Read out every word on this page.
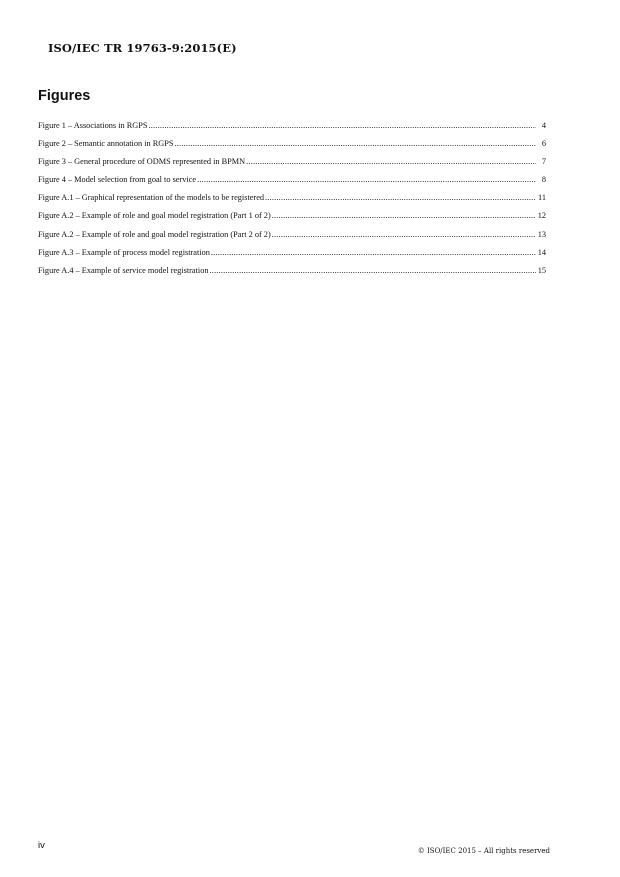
ISO/IEC TR 19763-9:2015(E)
Figures
Figure 1 – Associations in RGPS .....	4
Figure 2 – Semantic annotation in RGPS .....	6
Figure 3 – General procedure of ODMS represented in BPMN .....	7
Figure 4 – Model selection from goal to service .....	8
Figure A.1 – Graphical representation of the models to be registered .....	11
Figure A.2 – Example of role and goal model registration (Part 1 of 2) .....	12
Figure A.2 – Example of role and goal model registration (Part 2 of 2) .....	13
Figure A.3 – Example of process model registration .....	14
Figure A.4 – Example of service model registration .....	15
iv	© ISO/IEC 2015 – All rights reserved
